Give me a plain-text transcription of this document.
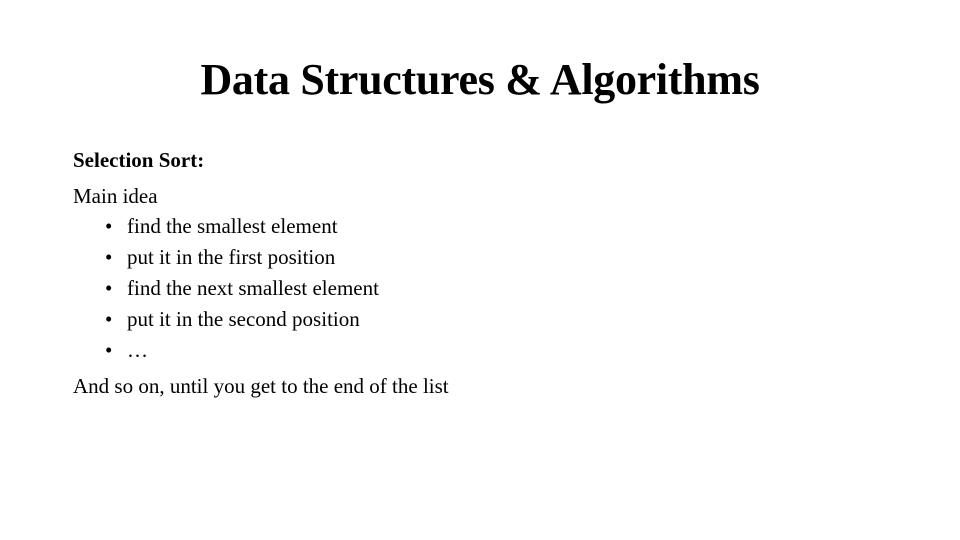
Data Structures & Algorithms
Selection Sort:
Main idea
• find the smallest element
• put it in the first position
• find the next smallest element
• put it in the second position
• …
And so on, until you get to the end of the list
